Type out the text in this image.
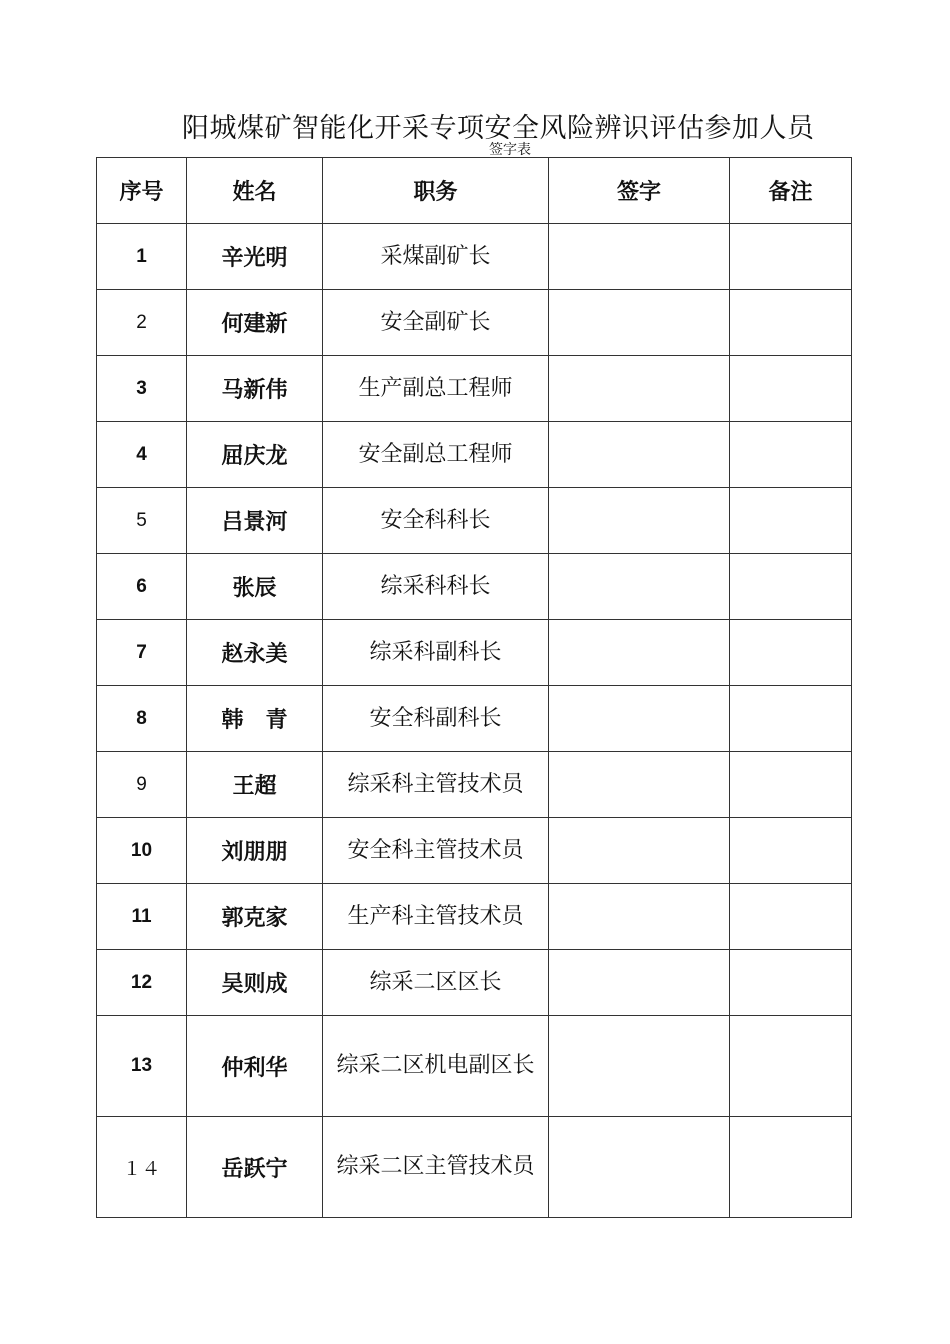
阳城煤矿智能化开采专项安全风险辨识评估参加人员
签字表
序号	姓名	职务	签字	备注
1	辛光明	采煤副矿长		
2	何建新	安全副矿长		
3	马新伟	生产副总工程师		
4	屈庆龙	安全副总工程师		
5	吕景河	安全科科长		
6	张辰	综采科科长		
7	赵永美	综采科副科长		
8	韩　青	安全科副科长		
9	王超	综采科主管技术员		
10	刘朋朋	安全科主管技术员		
11	郭克家	生产科主管技术员		
12	吴则成	综采二区区长		
13	仲利华	综采二区机电副区长		
１４	岳跃宁	综采二区主管技术员		
